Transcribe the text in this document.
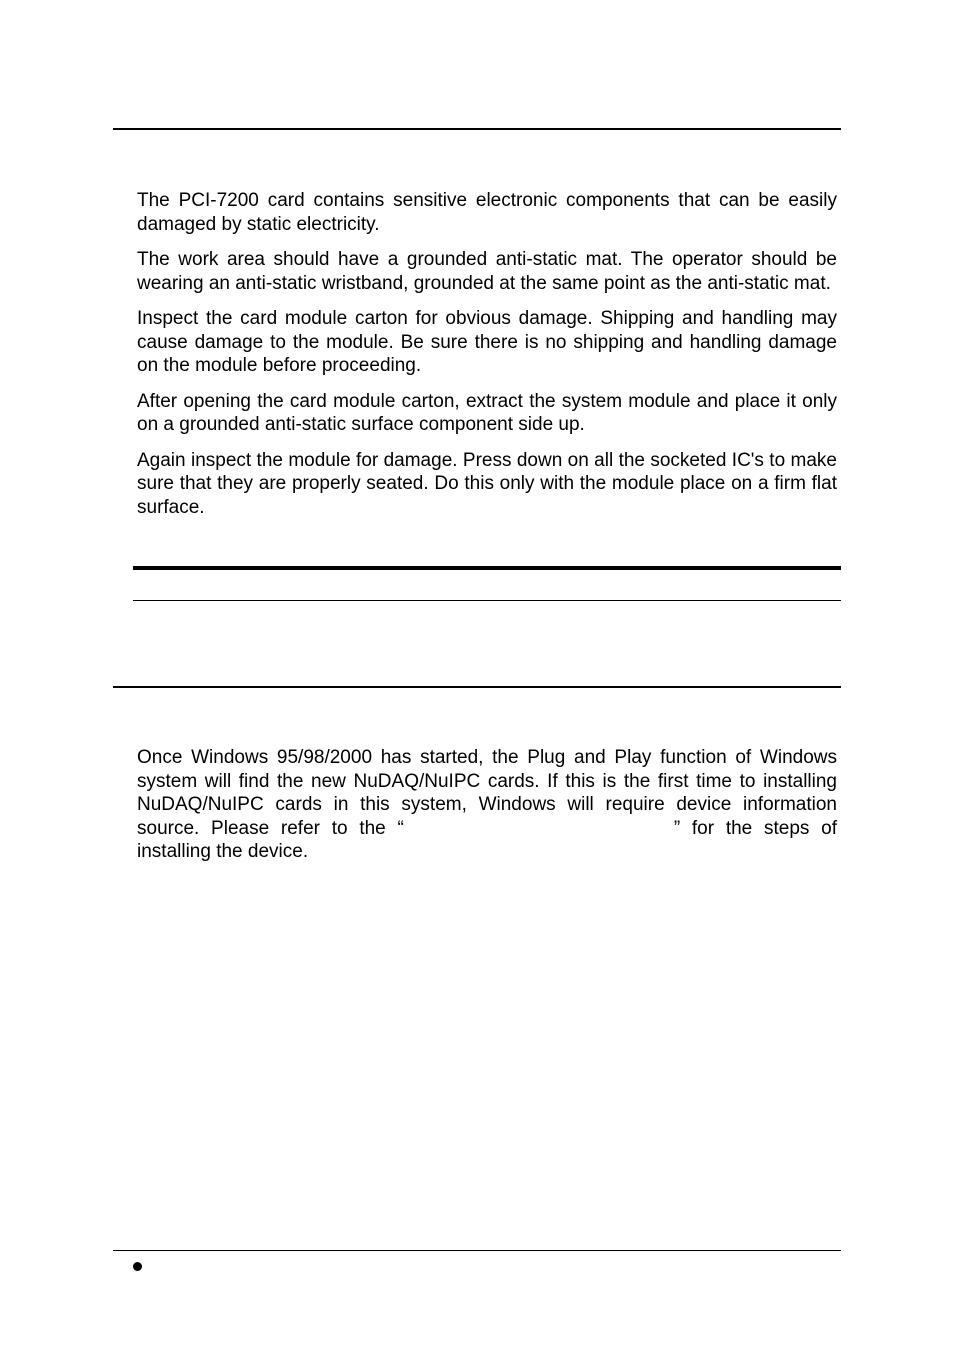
The PCI-7200 card contains sensitive electronic components that can be easily damaged by static electricity.

The work area should have a grounded anti-static mat. The operator should be wearing an anti-static wristband, grounded at the same point as the anti-static mat.

Inspect the card module carton for obvious damage. Shipping and handling may cause damage to the module. Be sure there is no shipping and handling damage on the module before proceeding.

After opening the card module carton, extract the system module and place it only on a grounded anti-static surface component side up.

Again inspect the module for damage. Press down on all the socketed IC's to make sure that they are properly seated. Do this only with the module place on a firm flat surface.

Once Windows 95/98/2000 has started, the Plug and Play function of Windows system will find the new NuDAQ/NuIPC cards. If this is the first time to installing NuDAQ/NuIPC cards in this system, Windows will require device information source. Please refer to the “	” for the steps of installing the device.
